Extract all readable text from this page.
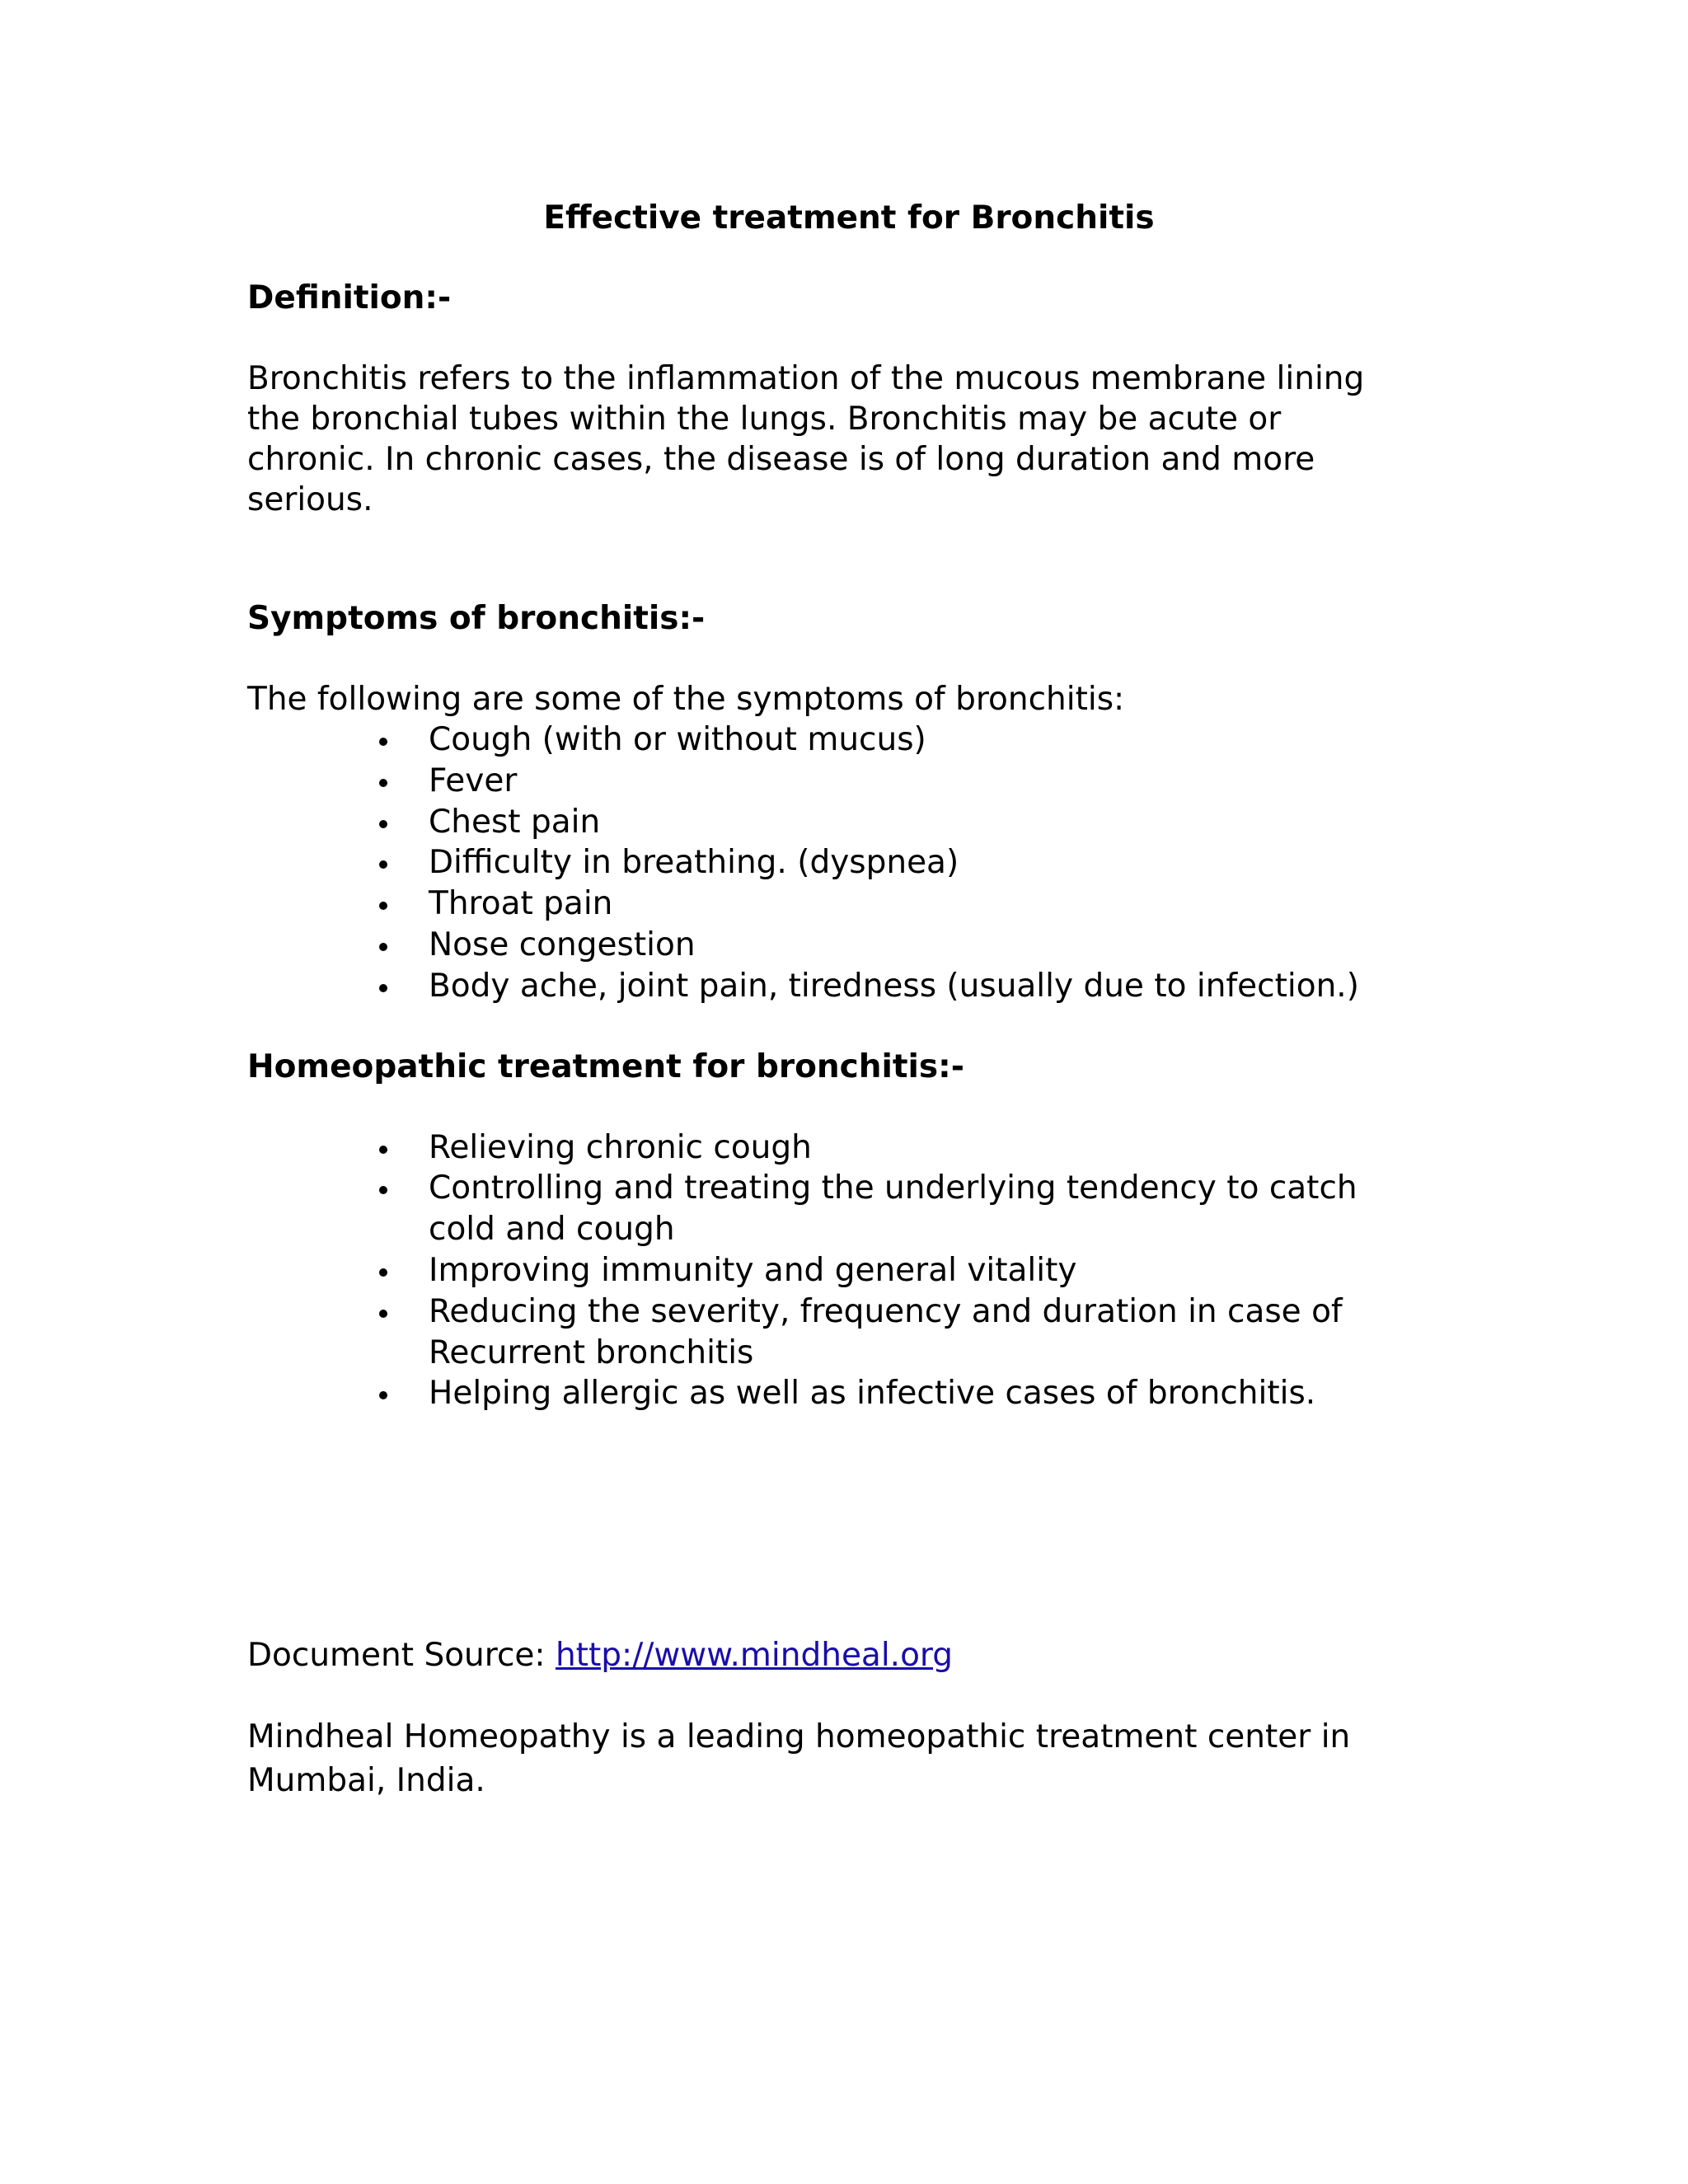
Effective treatment for Bronchitis

Definition:-

Bronchitis refers to the inflammation of the mucous membrane lining

the bronchial tubes within the lungs. Bronchitis may be acute or

chronic. In chronic cases, the disease is of long duration and more

serious.

Symptoms of bronchitis:-

The following are some of the symptoms of bronchitis:

Cough (with or without mucus)
Fever
Chest pain
Difficulty in breathing. (dyspnea)
Throat pain
Nose congestion
Body ache, joint pain, tiredness (usually due to infection.)

Homeopathic treatment for bronchitis:-

Relieving chronic cough
Controlling and treating the underlying tendency to catch
cold and cough
Improving immunity and general vitality
Reducing the severity, frequency and duration in case of
Recurrent bronchitis
Helping allergic as well as infective cases of bronchitis.

Document Source: http://www.mindheal.org

Mindheal Homeopathy is a leading homeopathic treatment center in

Mumbai, India.
